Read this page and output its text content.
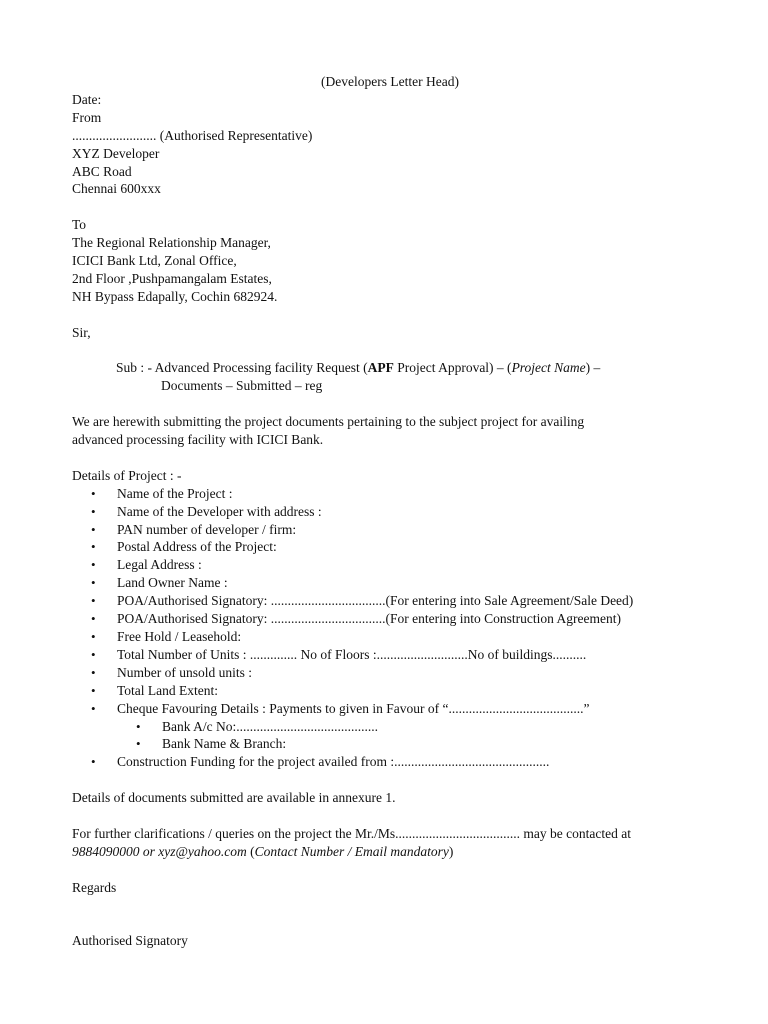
(Developers Letter Head)
Date:
From
......................... (Authorised Representative)
XYZ Developer
ABC Road
Chennai 600xxx
To
The Regional Relationship Manager,
ICICI Bank Ltd, Zonal Office,
2nd Floor ,Pushpamangalam Estates,
NH Bypass Edapally, Cochin 682924.
Sir,
Sub : - Advanced Processing facility Request (APF Project Approval) – (Project Name) –
Documents – Submitted – reg
We are herewith submitting the project documents pertaining to the subject project for availing
advanced processing facility with ICICI Bank.
Details of Project : -
• Name of the Project :
• Name of the Developer with address :
• PAN number of developer / firm:
• Postal Address of the Project:
• Legal Address :
• Land Owner Name :
• POA/Authorised Signatory: ..................................(For entering into Sale Agreement/Sale Deed)
• POA/Authorised Signatory: ..................................(For entering into Construction Agreement)
• Free Hold / Leasehold:
• Total Number of Units : .............. No of Floors :...........................No of buildings..........
• Number of unsold units :
• Total Land Extent:
• Cheque Favouring Details : Payments to given in Favour of “........................................”
• Bank A/c No:..........................................
• Bank Name & Branch:
• Construction Funding for the project availed from :..............................................
Details of documents submitted are available in annexure 1.
For further clarifications / queries on the project the Mr./Ms..................................... may be contacted at
9884090000 or xyz@yahoo.com (Contact Number / Email mandatory)
Regards
Authorised Signatory
